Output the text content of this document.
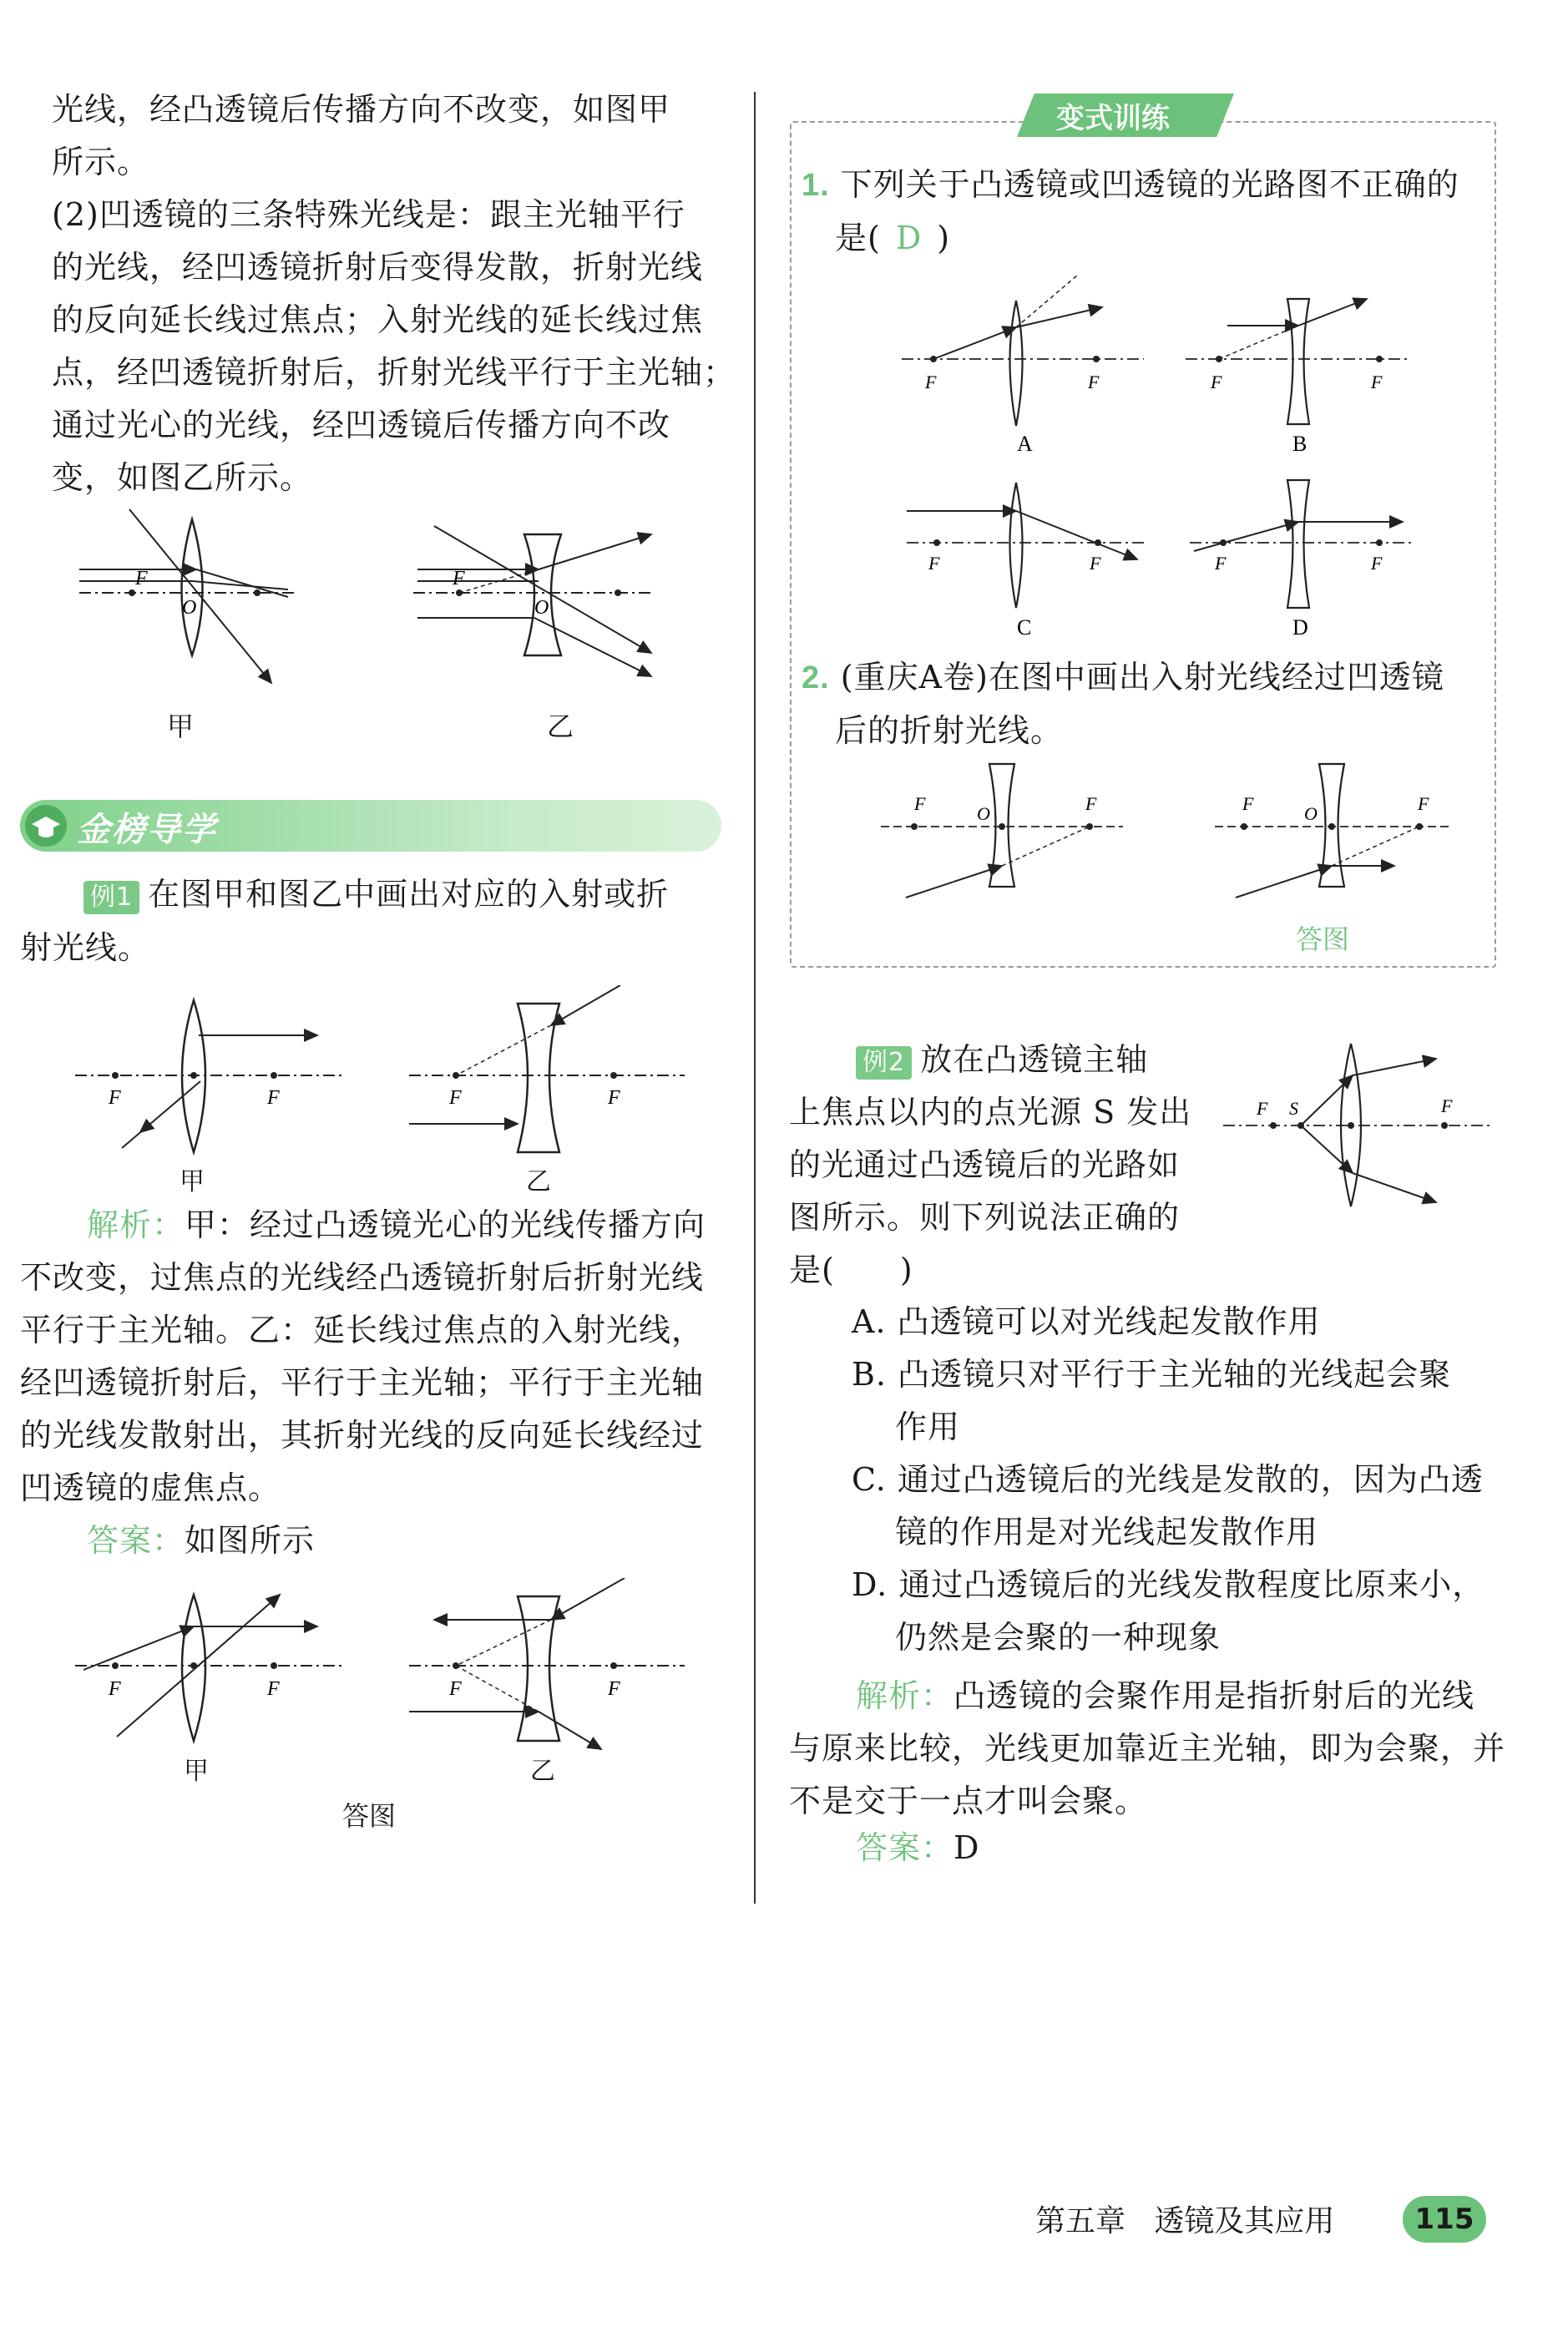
光线，经凸透镜后传播方向不改变，如图甲
所示。
(2)凹透镜的三条特殊光线是：跟主光轴平行
的光线，经凹透镜折射后变得发散，折射光线
的反向延长线过焦点；入射光线的延长线过焦
点，经凹透镜折射后，折射光线平行于主光轴；
通过光心的光线，经凹透镜后传播方向不改
变，如图乙所示。
F
O
F
O
甲	乙
金榜导学
例1 在图甲和图乙中画出对应的入射或折
射光线。
F	F	F	F
甲	乙
解析：甲：经过凸透镜光心的光线传播方向
不改变，过焦点的光线经凸透镜折射后折射光线
平行于主光轴。乙：延长线过焦点的入射光线，
经凹透镜折射后，平行于主光轴；平行于主光轴
的光线发散射出，其折射光线的反向延长线经过
凹透镜的虚焦点。
答案：如图所示
F	F	F	F
甲	乙
答图
变式训练
1. 下列关于凸透镜或凹透镜的光路图不正确的
是( D )
F	F
A
F	F
B
F	F
C
F	F
D
2. (重庆A卷)在图中画出入射光线经过凹透镜
后的折射光线。
F	O	F	F	O	F
答图
例2 放在凸透镜主轴
上焦点以内的点光源 S 发出
的光通过凸透镜后的光路如
图所示。则下列说法正确的
是(　　)
F S	F
A. 凸透镜可以对光线起发散作用
B. 凸透镜只对平行于主光轴的光线起会聚
作用
C. 通过凸透镜后的光线是发散的，因为凸透
镜的作用是对光线起发散作用
D. 通过凸透镜后的光线发散程度比原来小，
仍然是会聚的一种现象
解析：凸透镜的会聚作用是指折射后的光线
与原来比较，光线更加靠近主光轴，即为会聚，并
不是交于一点才叫会聚。
答案：D
第五章 透镜及其应用	115
